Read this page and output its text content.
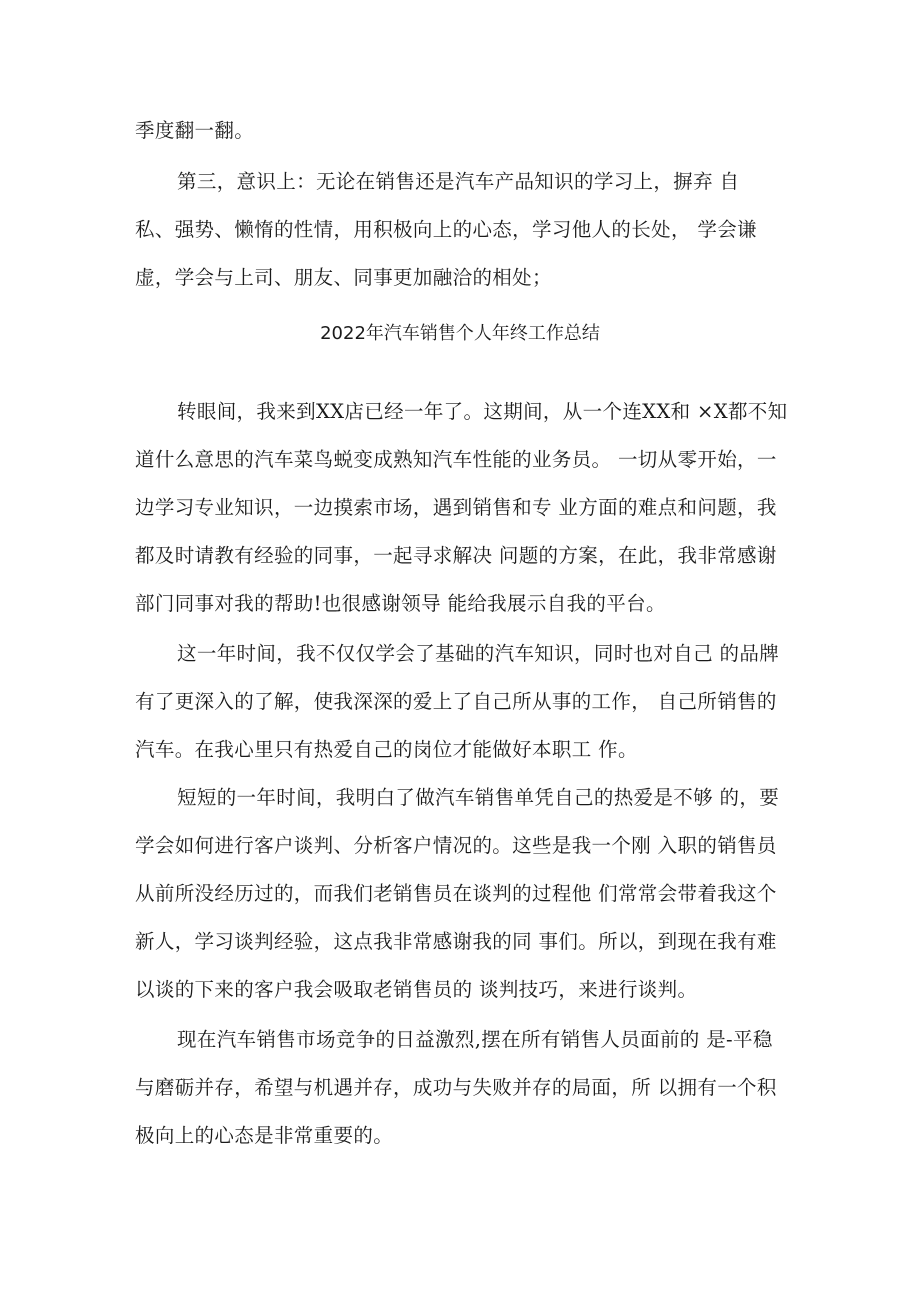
季度翻一翻。
第三，意识上：无论在销售还是汽车产品知识的学习上，摒弃 自
私、强势、懒惰的性情，用积极向上的心态，学习他人的长处， 学会谦
虚，学会与上司、朋友、同事更加融洽的相处；
2022年汽车销售个人年终工作总结
转眼间，我来到XX店已经一年了。这期间，从一个连XX和 ×X都不知
道什么意思的汽车菜鸟蜕变成熟知汽车性能的业务员。 一切从零开始，一
边学习专业知识，一边摸索市场，遇到销售和专 业方面的难点和问题，我
都及时请教有经验的同事，一起寻求解决 问题的方案，在此，我非常感谢
部门同事对我的帮助!也很感谢领导 能给我展示自我的平台。
这一年时间，我不仅仅学会了基础的汽车知识，同时也对自己 的品牌
有了更深入的了解，使我深深的爱上了自己所从事的工作， 自己所销售的
汽车。在我心里只有热爱自己的岗位才能做好本职工 作。
短短的一年时间，我明白了做汽车销售单凭自己的热爱是不够 的，要
学会如何进行客户谈判、分析客户情况的。这些是我一个刚 入职的销售员
从前所没经历过的，而我们老销售员在谈判的过程他 们常常会带着我这个
新人，学习谈判经验，这点我非常感谢我的同 事们。所以，到现在我有难
以谈的下来的客户我会吸取老销售员的 谈判技巧，来进行谈判。
现在汽车销售市场竞争的日益激烈,摆在所有销售人员面前的 是-平稳
与磨砺并存，希望与机遇并存，成功与失败并存的局面，所 以拥有一个积
极向上的心态是非常重要的。
